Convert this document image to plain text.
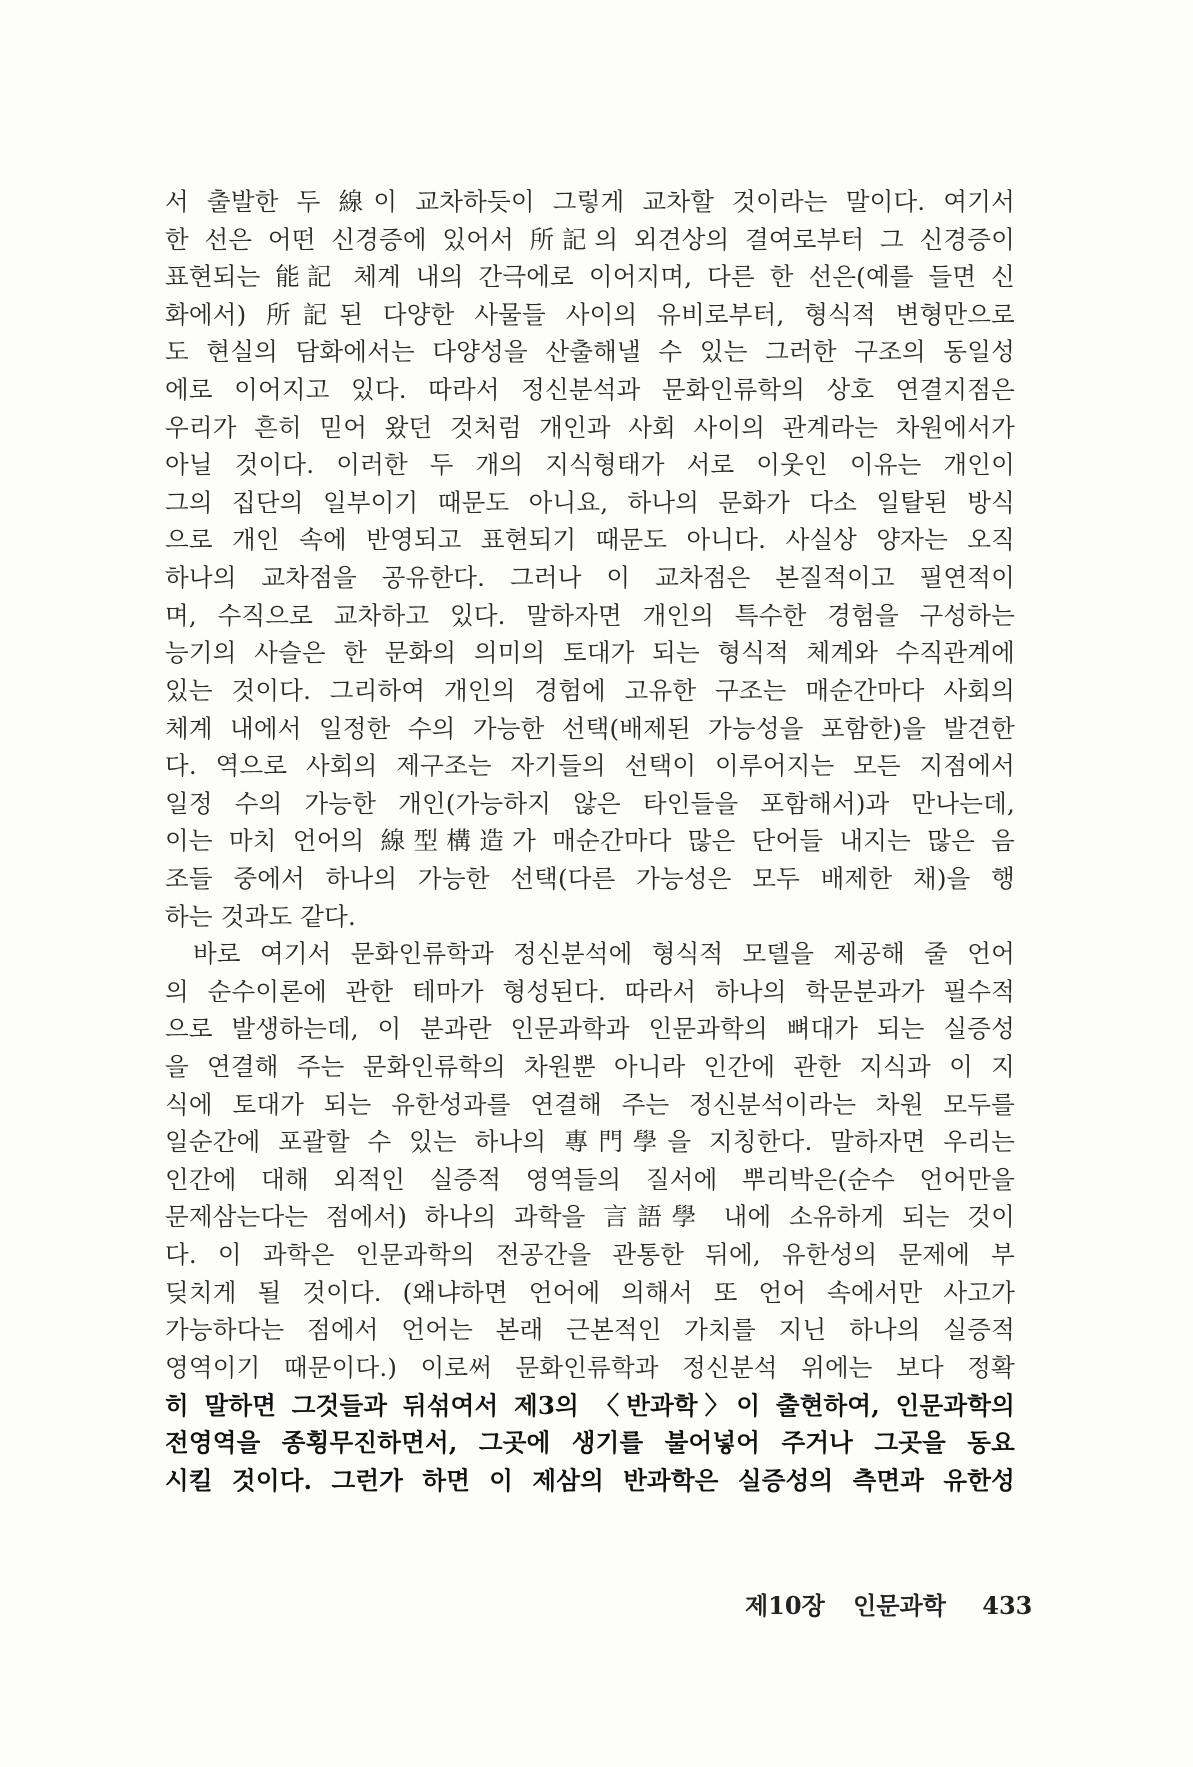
서 출발한 두 線이 교차하듯이 그렇게 교차할 것이라는 말이다. 여기서
한 선은 어떤 신경증에 있어서 所記의 외견상의 결여로부터 그 신경증이
표현되는 能記 체계 내의 간극에로 이어지며, 다른 한 선은(예를 들면 신
화에서) 所記된 다양한 사물들 사이의 유비로부터, 형식적 변형만으로
도 현실의 담화에서는 다양성을 산출해낼 수 있는 그러한 구조의 동일성
에로 이어지고 있다. 따라서 정신분석과 문화인류학의 상호 연결지점은
우리가 흔히 믿어 왔던 것처럼 개인과 사회 사이의 관계라는 차원에서가
아닐 것이다. 이러한 두 개의 지식형태가 서로 이웃인 이유는 개인이
그의 집단의 일부이기 때문도 아니요, 하나의 문화가 다소 일탈된 방식
으로 개인 속에 반영되고 표현되기 때문도 아니다. 사실상 양자는 오직
하나의 교차점을 공유한다. 그러나 이 교차점은 본질적이고 필연적이
며, 수직으로 교차하고 있다. 말하자면 개인의 특수한 경험을 구성하는
능기의 사슬은 한 문화의 의미의 토대가 되는 형식적 체계와 수직관계에
있는 것이다. 그리하여 개인의 경험에 고유한 구조는 매순간마다 사회의
체계 내에서 일정한 수의 가능한 선택(배제된 가능성을 포함한)을 발견한
다. 역으로 사회의 제구조는 자기들의 선택이 이루어지는 모든 지점에서
일정 수의 가능한 개인(가능하지 않은 타인들을 포함해서)과 만나는데,
이는 마치 언어의 線型構造가 매순간마다 많은 단어들 내지는 많은 음
조들 중에서 하나의 가능한 선택(다른 가능성은 모두 배제한 채)을 행
하는 것과도 같다.
바로 여기서 문화인류학과 정신분석에 형식적 모델을 제공해 줄 언어
의 순수이론에 관한 테마가 형성된다. 따라서 하나의 학문분과가 필수적
으로 발생하는데, 이 분과란 인문과학과 인문과학의 뼈대가 되는 실증성
을 연결해 주는 문화인류학의 차원뿐 아니라 인간에 관한 지식과 이 지
식에 토대가 되는 유한성과를 연결해 주는 정신분석이라는 차원 모두를
일순간에 포괄할 수 있는 하나의 專門學을 지칭한다. 말하자면 우리는
인간에 대해 외적인 실증적 영역들의 질서에 뿌리박은(순수 언어만을
문제삼는다는 점에서) 하나의 과학을 言語學 내에 소유하게 되는 것이
다. 이 과학은 인문과학의 전공간을 관통한 뒤에, 유한성의 문제에 부
딪치게 될 것이다. (왜냐하면 언어에 의해서 또 언어 속에서만 사고가
가능하다는 점에서 언어는 본래 근본적인 가치를 지닌 하나의 실증적
영역이기 때문이다.) 이로써 문화인류학과 정신분석 위에는 보다 정확
히 말하면 그것들과 뒤섞여서 제3의 〈반과학〉이 출현하여, 인문과학의
전영역을 종횡무진하면서, 그곳에 생기를 불어넣어 주거나 그곳을 동요
시킬 것이다. 그런가 하면 이 제삼의 반과학은 실증성의 측면과 유한성
제10장 인문과학 433
